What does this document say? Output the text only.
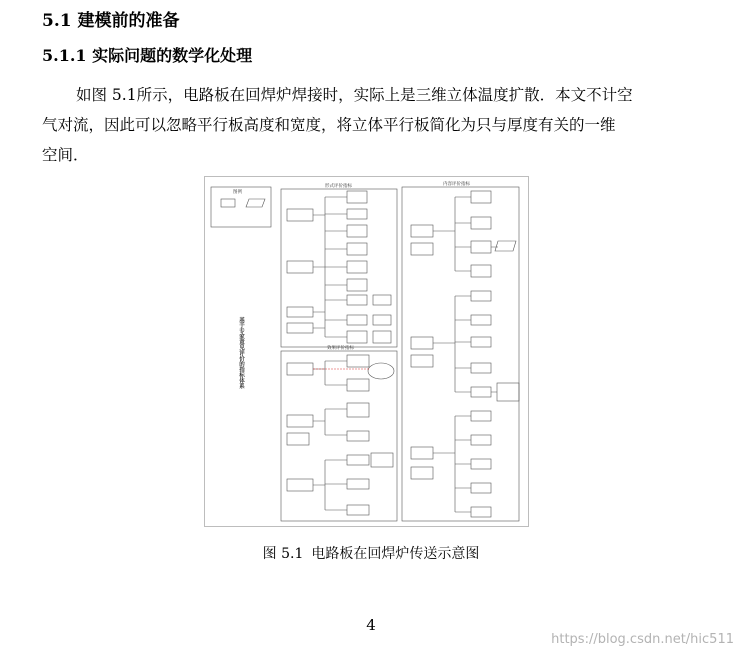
5.1 建模前的准备
5.1.1 实际问题的数学化处理
如图 5.1所示，电路板在回焊炉焊接时，实际上是三维立体温度扩散．本文不计空
气对流，因此可以忽略平行板高度和宽度，将立体平行板简化为只与厚度有关的一维
空间．
图例
形式评价指标
效果评价指标
内容评价指标
基于专家意见评价的指标体系
图 5.1 电路板在回焊炉传送示意图
4
https://blog.csdn.net/hic511
